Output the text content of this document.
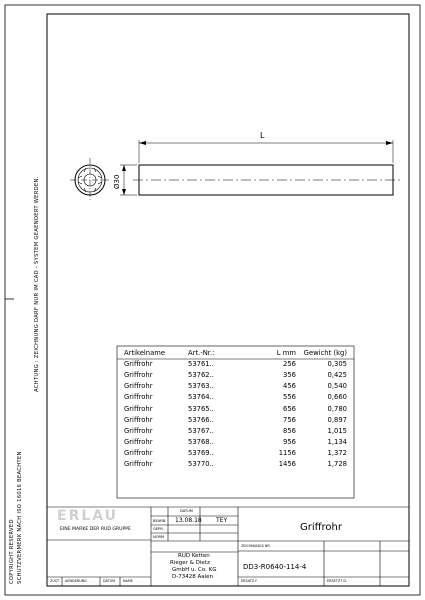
L
Ø30
COPYRIGHT RESERVED SCHUTZVERMERK NACH ISO 16016 BEACHTEN
ACHTUNG : ZEICHNUNG DARF NUR IM CAD - SYSTEM GEAENDERT WERDEN.	Artikelname	Art.-Nr.:	L mm	Gewicht (kg)
Griffrohr	53761..	256	0,305
Griffrohr	53762..	356	0,425
Griffrohr	53763..	456	0,540
Griffrohr	53764..	556	0,660
Griffrohr	53765..	656	0,780
Griffrohr	53766..	756	0,897
Griffrohr	53767..	856	1,015
Griffrohr	53768..	956	1,134
Griffrohr	53769..	1156	1,372
Griffrohr	53770..	1456	1,728
ERLAU
EINE MARKE DER RUD GRUPPE
DATUM
BEARB.
GEPR.
NORM
13.08.18 TEY
Griffrohr
RUD Ketten
Rieger & Dietz
GmbH u. Co. KG
D-73428 Aalen
ZEICHNUNGS NR.
DD3-R0640-114-4
ERSATZ F.	ERSETZT D.
ZUST. AENDERUNG	DATUM NAME
